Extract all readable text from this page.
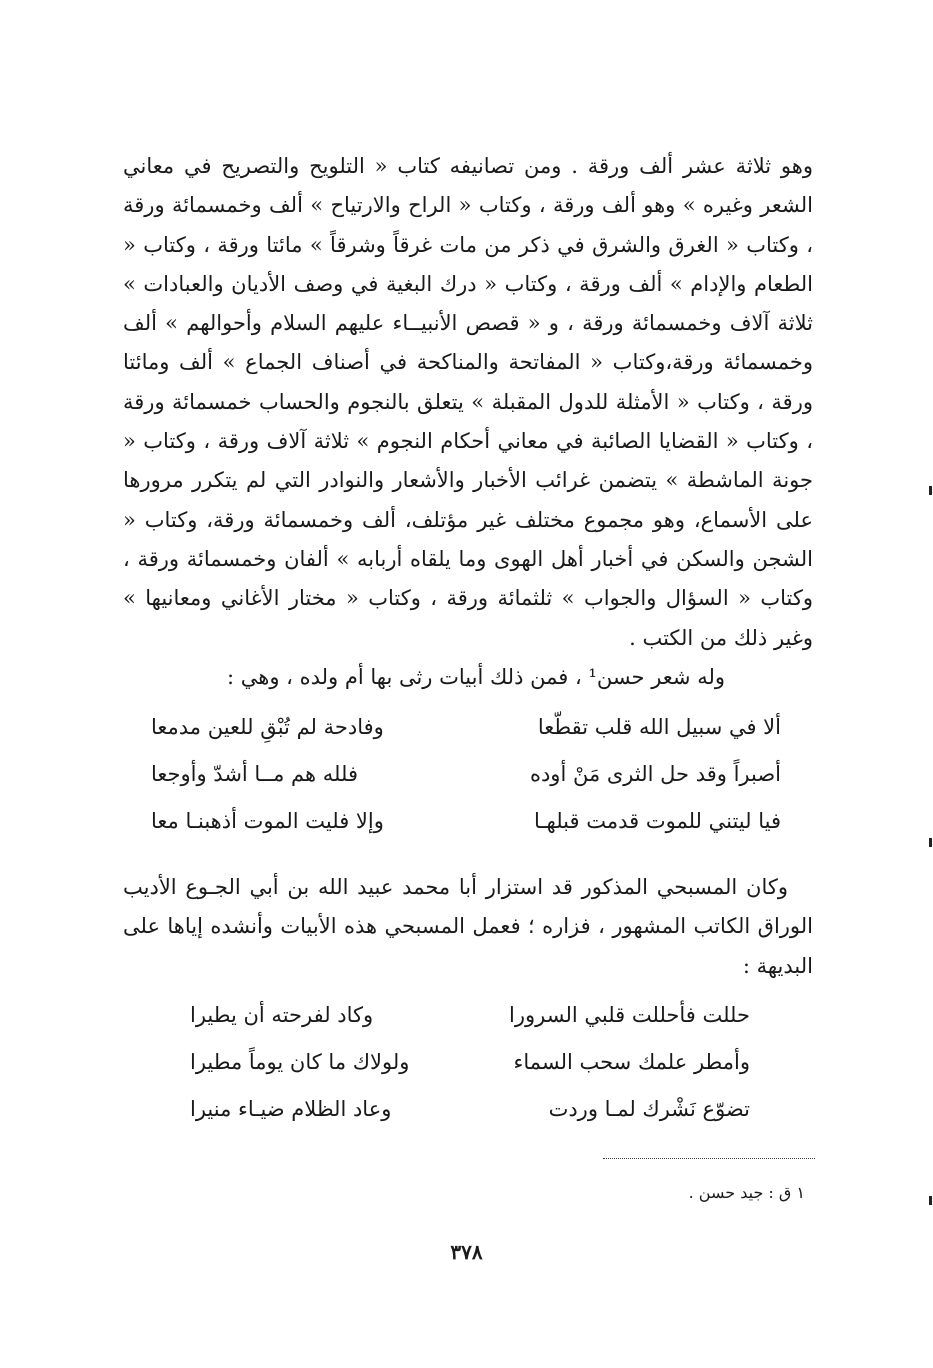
وهو ثلاثة عشر ألف ورقة . ومن تصانيفه كتاب « التلويح والتصريح في معاني الشعر وغيره » وهو ألف ورقة ، وكتاب « الراح والارتياح » ألف وخمسمائة ورقة ، وكتاب « الغرق والشرق في ذكر من مات غرقاً وشرقاً » مائتا ورقة ، وكتاب « الطعام والإدام » ألف ورقة ، وكتاب « درك البغية في وصف الأديان والعبادات » ثلاثة آلاف وخمسمائة ورقة ، و « قصص الأنبيــاء عليهم السلام وأحوالهم » ألف وخمسمائة ورقة،وكتاب « المفاتحة والمناكحة في أصناف الجماع » ألف ومائتا ورقة ، وكتاب « الأمثلة للدول المقبلة » يتعلق بالنجوم والحساب خمسمائة ورقة ، وكتاب « القضايا الصائبة في معاني أحكام النجوم » ثلاثة آلاف ورقة ، وكتاب « جونة الماشطة » يتضمن غرائب الأخبار والأشعار والنوادر التي لم يتكرر مرورها على الأسماع، وهو مجموع مختلف غير مؤتلف، ألف وخمسمائة ورقة، وكتاب « الشجن والسكن في أخبار أهل الهوى وما يلقاه أربابه » ألفان وخمسمائة ورقة ، وكتاب « السؤال والجواب » ثلثمائة ورقة ، وكتاب « مختار الأغاني ومعانيها » وغير ذلك من الكتب .

وله شعر حسن¹ ، فمن ذلك أبيات رثى بها أم ولده ، وهي :

ألا في سبيل الله قلب تقطّعا
وفادحة لم تُبْقِ للعين مدمعا
أصبراً وقد حل الثرى مَنْ أوده
فلله هم مــا أشدّ وأوجعا
فيا ليتني للموت قدمت قبلهـا
وإلا فليت الموت أذهبنـا معا

وكان المسبحي المذكور قد استزار أبا محمد عبيد الله بن أبي الجـوع الأديب الوراق الكاتب المشهور ، فزاره ؛ فعمل المسبحي هذه الأبيات وأنشده إياها على البديهة :

حللت فأحللت قلبي السرورا
وكاد لفرحته أن يطيرا
وأمطر علمك سحب السماء
ولولاك ما كان يوماً مطيرا
تضوّع نَشْرك لمـا وردت
وعاد الظلام ضيـاء منيرا
١ ق : جيد حسن .
٣٧٨
